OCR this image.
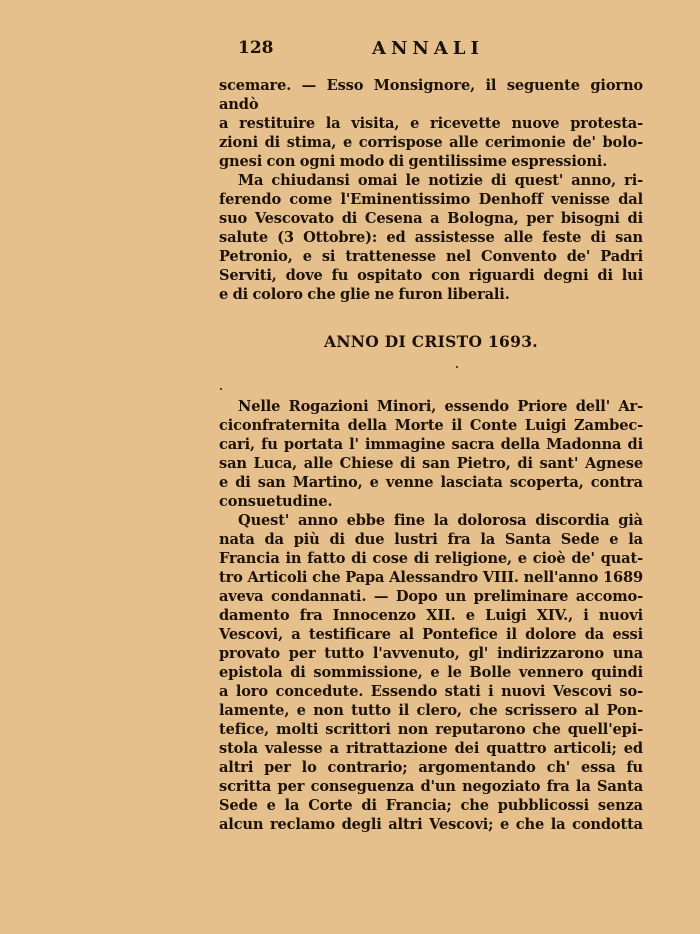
128	ANNALI

scemare. — Esso Monsignore, il seguente giorno andò

a restituire la visita, e ricevette nuove protesta-

zioni di stima, e corrispose alle cerimonie de' bolo-

gnesi con ogni modo di gentilissime espressioni.

Ma chiudansi omai le notizie di quest' anno, ri-

ferendo come l'Eminentissimo Denhoff venisse dal

suo Vescovato di Cesena a Bologna, per bisogni di

salute (3 Ottobre): ed assistesse alle feste di san

Petronio, e si trattenesse nel Convento de' Padri

Serviti, dove fu ospitato con riguardi degni di lui

e di coloro che glie ne furon liberali.

ANNO DI CRISTO 1693.

Nelle Rogazioni Minori, essendo Priore dell' Ar-

ciconfraternita della Morte il Conte Luigi Zambec-

cari, fu portata l' immagine sacra della Madonna di

san Luca, alle Chiese di san Pietro, di sant' Agnese

e di san Martino, e venne lasciata scoperta, contra

consuetudine.

Quest' anno ebbe fine la dolorosa discordia già

nata da più di due lustri fra la Santa Sede e la

Francia in fatto di cose di religione, e cioè de' quat-

tro Articoli che Papa Alessandro VIII. nell'anno 1689

aveva condannati. — Dopo un preliminare accomo-

damento fra Innocenzo XII. e Luigi XIV., i nuovi

Vescovi, a testificare al Pontefice il dolore da essi

provato per tutto l'avvenuto, gl' indirizzarono una

epistola di sommissione, e le Bolle vennero quindi

a loro concedute. Essendo stati i nuovi Vescovi so-

lamente, e non tutto il clero, che scrissero al Pon-

tefice, molti scrittori non reputarono che quell'epi-

stola valesse a ritrattazione dei quattro articoli; ed

altri per lo contrario; argomentando ch' essa fu

scritta per conseguenza d'un negoziato fra la Santa

Sede e la Corte di Francia; che pubblicossi senza

alcun reclamo degli altri Vescovi; e che la condotta
